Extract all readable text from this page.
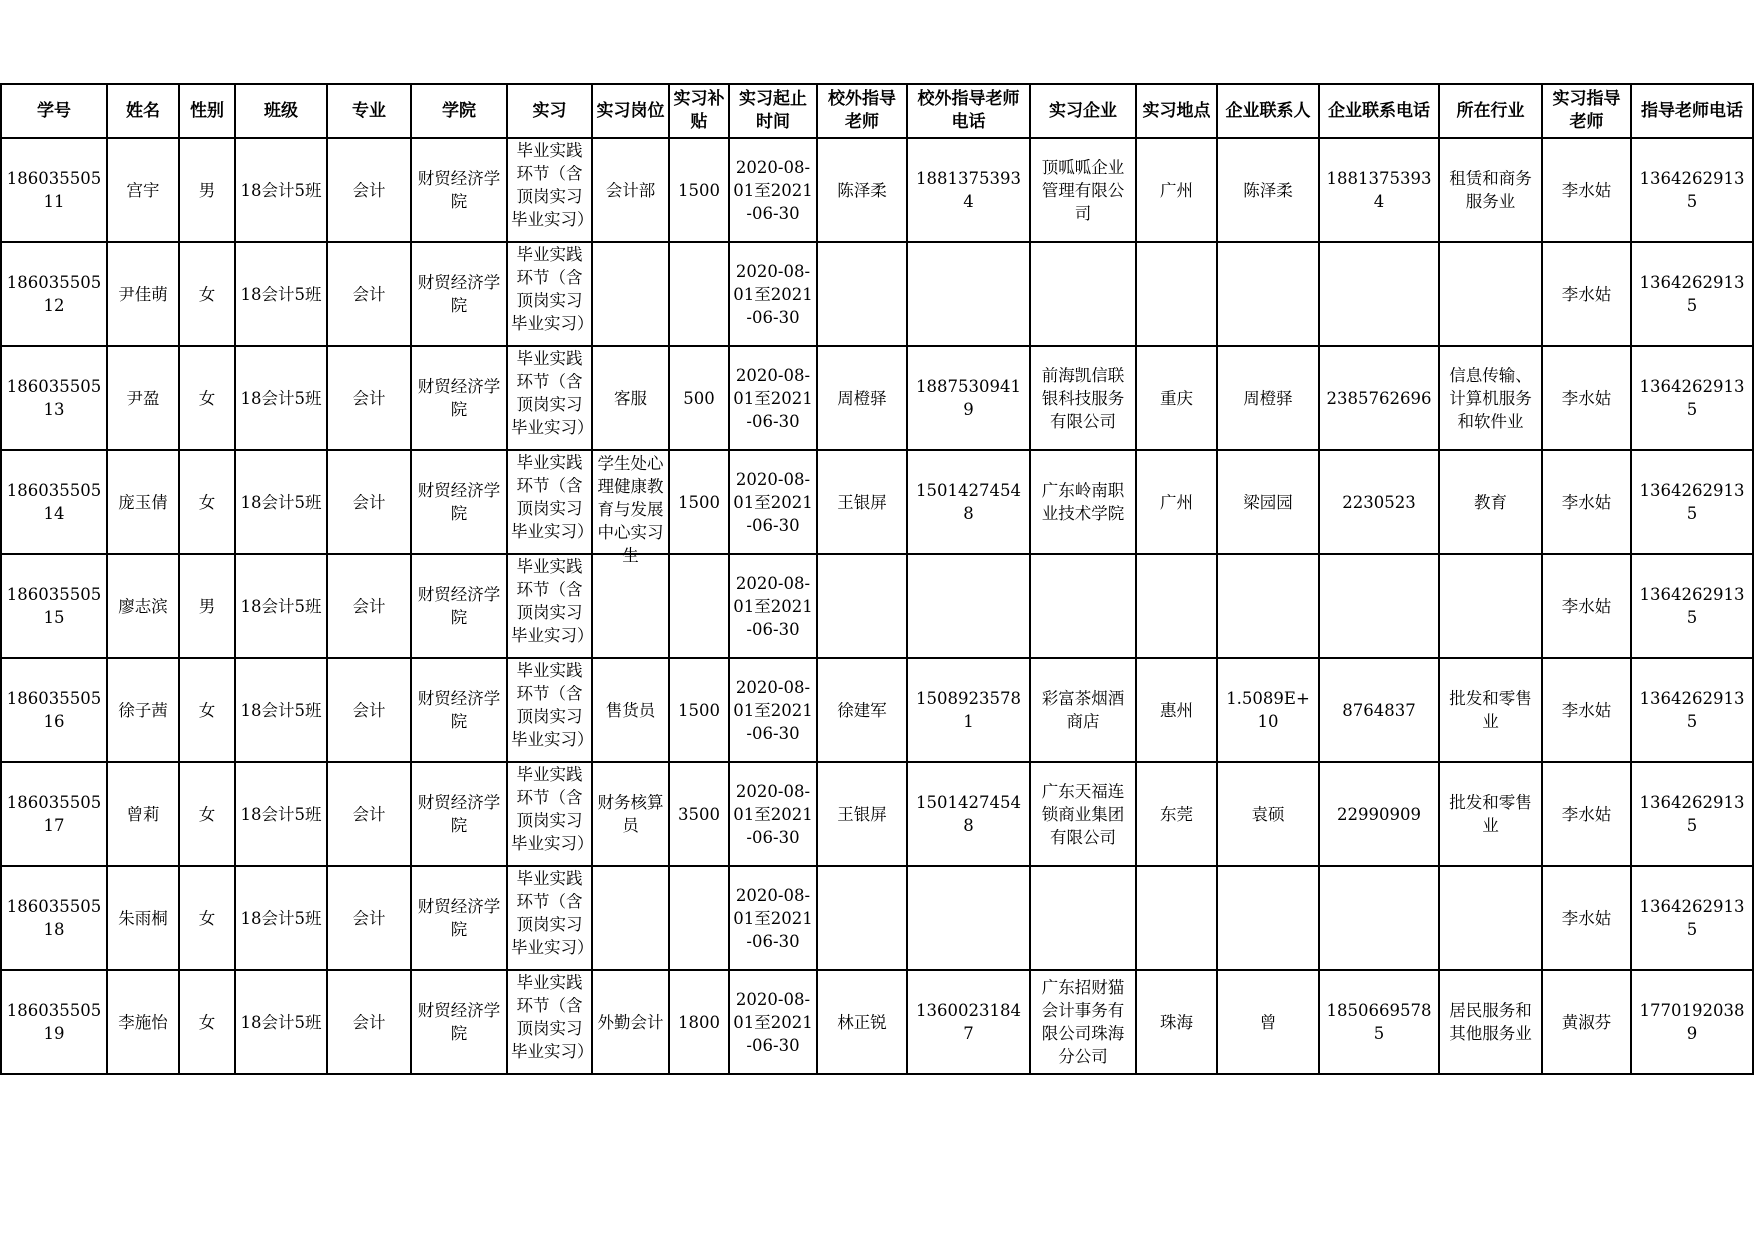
学号	姓名	性别	班级	专业	学院	实习	实习岗位	实习补贴	实习起止时间	校外指导老师	校外指导老师电话	实习企业	实习地点	企业联系人	企业联系电话	所在行业	实习指导老师	指导老师电话
18603550511	宫宇	男	18会计5班	会计	财贸经济学院	毕业实践环节（含顶岗实习毕业实习）	会计部	1500	2020-08-01至2021-06-30	陈泽柔	18813753934	顶呱呱企业管理有限公司	广州	陈泽柔	18813753934	租赁和商务服务业	李水姑	13642629135
18603550512	尹佳萌	女	18会计5班	会计	财贸经济学院	毕业实践环节（含顶岗实习毕业实习）			2020-08-01至2021-06-30								李水姑	13642629135
18603550513	尹盈	女	18会计5班	会计	财贸经济学院	毕业实践环节（含顶岗实习毕业实习）	客服	500	2020-08-01至2021-06-30	周橙驿	18875309419	前海凯信联银科技服务有限公司	重庆	周橙驿	2385762696	信息传输、计算机服务和软件业	李水姑	13642629135
18603550514	庞玉倩	女	18会计5班	会计	财贸经济学院	毕业实践环节（含顶岗实习毕业实习）	学生处心理健康教育与发展中心实习生	1500	2020-08-01至2021-06-30	王银屏	15014274548	广东岭南职业技术学院	广州	梁园园	2230523	教育	李水姑	13642629135
18603550515	廖志滨	男	18会计5班	会计	财贸经济学院	毕业实践环节（含顶岗实习毕业实习）			2020-08-01至2021-06-30								李水姑	13642629135
18603550516	徐子茜	女	18会计5班	会计	财贸经济学院	毕业实践环节（含顶岗实习毕业实习）	售货员	1500	2020-08-01至2021-06-30	徐建军	15089235781	彩富茶烟酒商店	惠州	1.5089E+10	8764837	批发和零售业	李水姑	13642629135
18603550517	曾莉	女	18会计5班	会计	财贸经济学院	毕业实践环节（含顶岗实习毕业实习）	财务核算员	3500	2020-08-01至2021-06-30	王银屏	15014274548	广东天福连锁商业集团有限公司	东莞	袁硕	22990909	批发和零售业	李水姑	13642629135
18603550518	朱雨桐	女	18会计5班	会计	财贸经济学院	毕业实践环节（含顶岗实习毕业实习）			2020-08-01至2021-06-30								李水姑	13642629135
18603550519	李施怡	女	18会计5班	会计	财贸经济学院	毕业实践环节（含顶岗实习毕业实习）	外勤会计	1800	2020-08-01至2021-06-30	林正锐	13600231847	广东招财猫会计事务有限公司珠海分公司	珠海	曾	18506695785	居民服务和其他服务业	黄淑芬	17701920389
